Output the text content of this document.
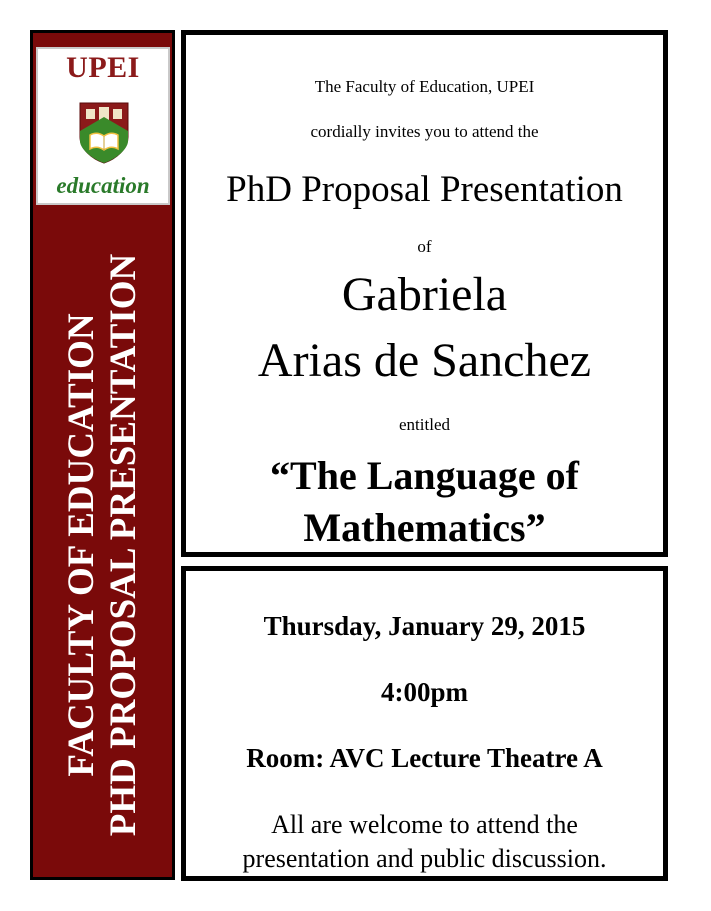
UPEI
education
FACULTY OF EDUCATION PHD PROPOSAL PRESENTATION
The Faculty of Education, UPEI
cordially invites you to attend the
PhD Proposal Presentation
of
Gabriela
Arias de Sanchez
entitled
“The Language of
Mathematics”
Thursday, January 29, 2015
4:00pm
Room: AVC Lecture Theatre A
All are welcome to attend the
presentation and public discussion.
